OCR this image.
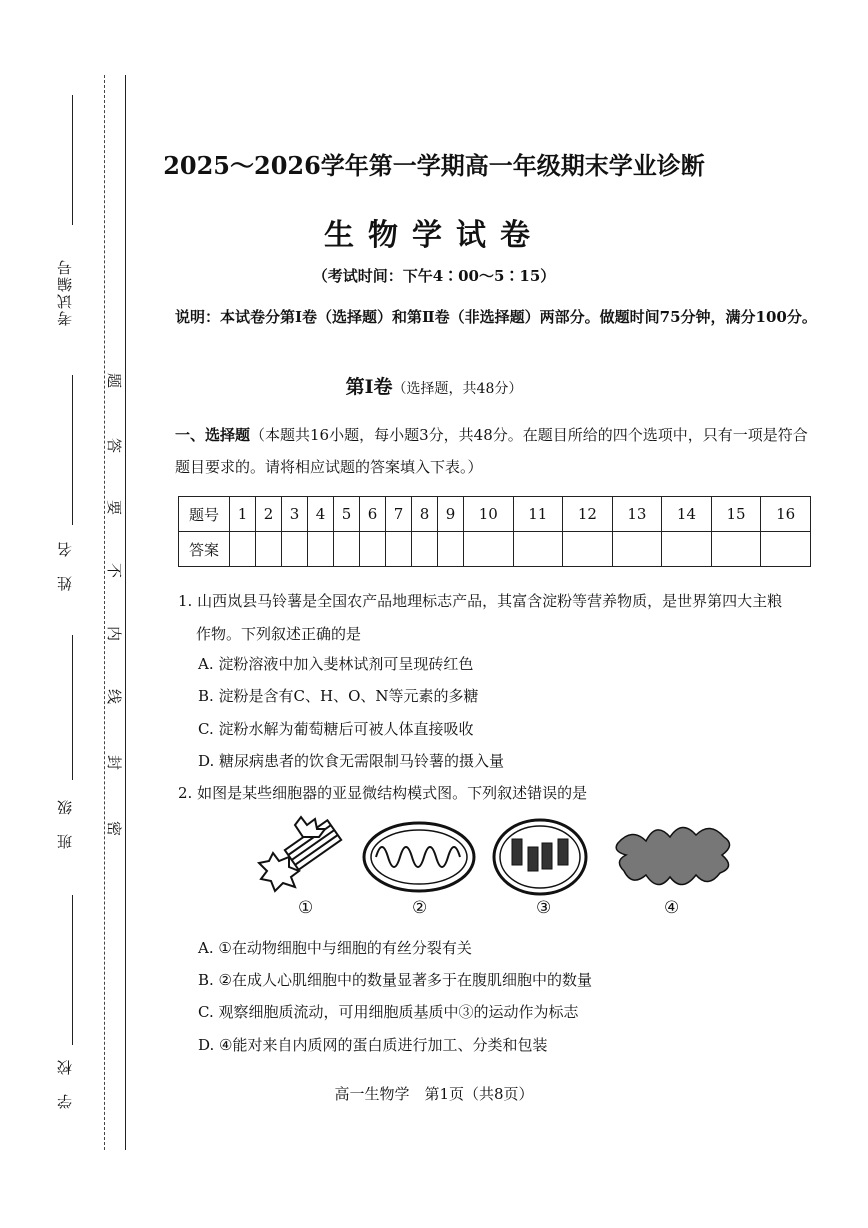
考试编号
姓　名
班　级
学　校
题
答
要
不
内
线
封
密
2025～2026学年第一学期高一年级期末学业诊断
生物学试卷
（考试时间：下午4∶00～5∶15）
说明：本试卷分第Ⅰ卷（选择题）和第Ⅱ卷（非选择题）两部分。做题时间75分钟，满分100分。
第Ⅰ卷（选择题，共48分）
一、选择题（本题共16小题，每小题3分，共48分。在题目所给的四个选项中，只有一项是符合题目要求的。请将相应试题的答案填入下表。）
题号	1	2	3	4	5	6	7	8	9	10	11	12	13	14	15	16
答案																
1. 山西岚县马铃薯是全国农产品地理标志产品，其富含淀粉等营养物质，是世界第四大主粮
作物。下列叙述正确的是
A. 淀粉溶液中加入斐林试剂可呈现砖红色
B. 淀粉是含有C、H、O、N等元素的多糖
C. 淀粉水解为葡萄糖后可被人体直接吸收
D. 糖尿病患者的饮食无需限制马铃薯的摄入量
2. 如图是某些细胞器的亚显微结构模式图。下列叙述错误的是
①	②	③	④
A. ①在动物细胞中与细胞的有丝分裂有关
B. ②在成人心肌细胞中的数量显著多于在腹肌细胞中的数量
C. 观察细胞质流动，可用细胞质基质中③的运动作为标志
D. ④能对来自内质网的蛋白质进行加工、分类和包装
高一生物学　第1页（共8页）
